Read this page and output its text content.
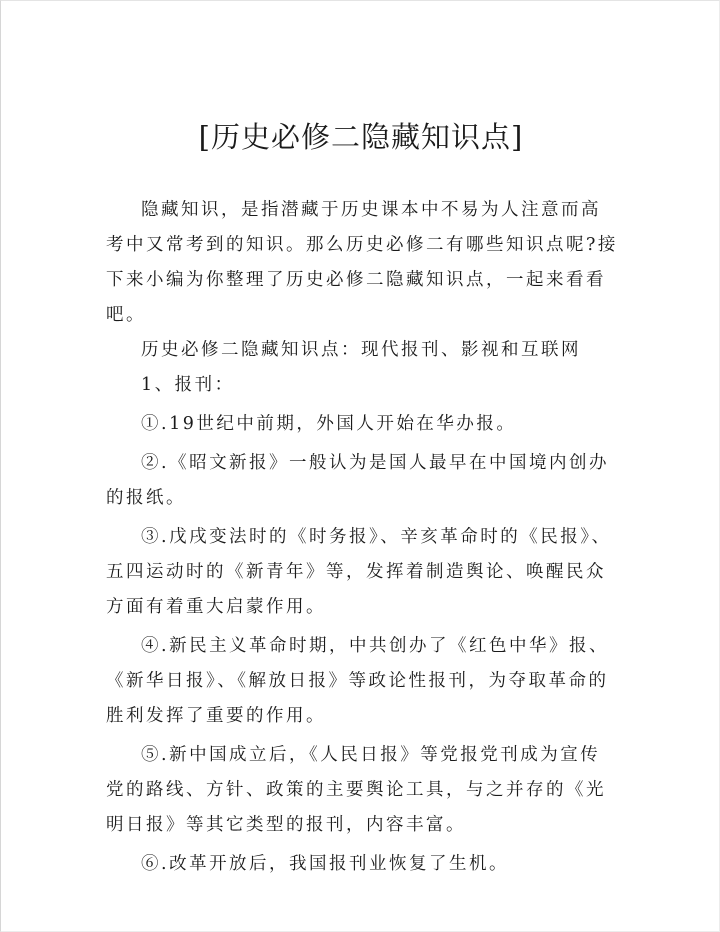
[历史必修二隐藏知识点]

隐藏知识，是指潜藏于历史课本中不易为人注意而高考中又常考到的知识。那么历史必修二有哪些知识点呢?接下来小编为你整理了历史必修二隐藏知识点，一起来看看吧。

历史必修二隐藏知识点：现代报刊、影视和互联网

1、报刊：

①.19世纪中前期，外国人开始在华办报。

②.《昭文新报》一般认为是国人最早在中国境内创办的报纸。

③.戊戌变法时的《时务报》、辛亥革命时的《民报》、五四运动时的《新青年》等，发挥着制造舆论、唤醒民众方面有着重大启蒙作用。

④.新民主义革命时期，中共创办了《红色中华》报、《新华日报》、《解放日报》等政论性报刊，为夺取革命的胜利发挥了重要的作用。

⑤.新中国成立后，《人民日报》等党报党刊成为宣传党的路线、方针、政策的主要舆论工具，与之并存的《光明日报》等其它类型的报刊，内容丰富。

⑥.改革开放后，我国报刊业恢复了生机。
